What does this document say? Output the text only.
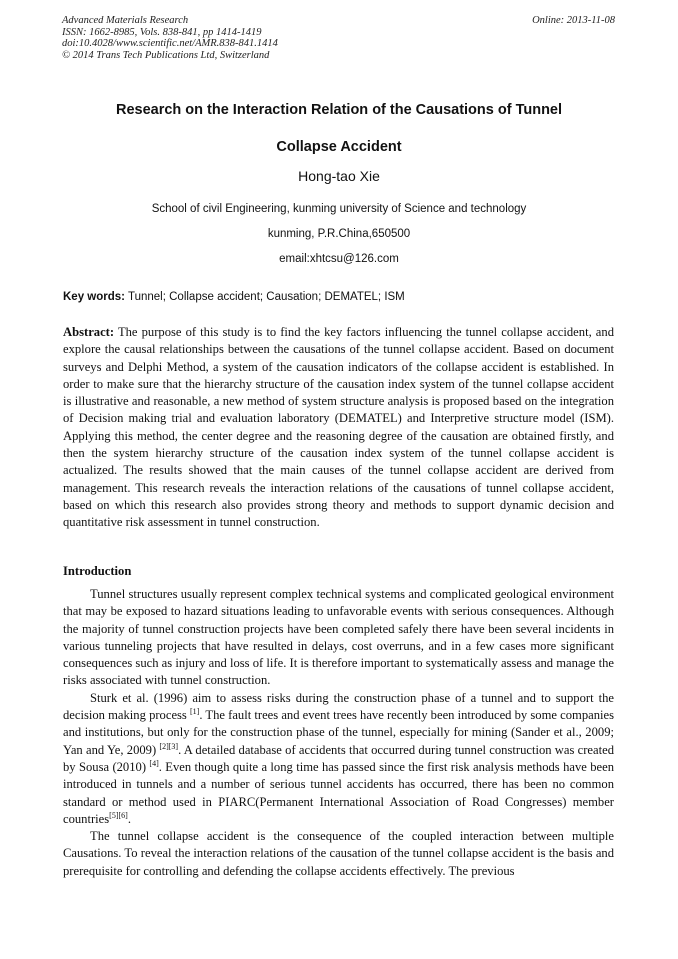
Advanced Materials Research
ISSN: 1662-8985, Vols. 838-841, pp 1414-1419
doi:10.4028/www.scientific.net/AMR.838-841.1414
© 2014 Trans Tech Publications Ltd, Switzerland
Online: 2013-11-08
Research on the Interaction Relation of the Causations of Tunnel
Collapse Accident
Hong-tao Xie
School of civil Engineering, kunming university of Science and technology
kunming, P.R.China,650500
email:xhtcsu@126.com
Key words: Tunnel; Collapse accident; Causation; DEMATEL; ISM
Abstract: The purpose of this study is to find the key factors influencing the tunnel collapse accident, and explore the causal relationships between the causations of the tunnel collapse accident. Based on document surveys and Delphi Method, a system of the causation indicators of the collapse accident is established. In order to make sure that the hierarchy structure of the causation index system of the tunnel collapse accident is illustrative and reasonable, a new method of system structure analysis is proposed based on the integration of Decision making trial and evaluation laboratory (DEMATEL) and Interpretive structure model (ISM). Applying this method, the center degree and the reasoning degree of the causation are obtained firstly, and then the system hierarchy structure of the causation index system of the tunnel collapse accident is actualized. The results showed that the main causes of the tunnel collapse accident are derived from management. This research reveals the interaction relations of the causations of tunnel collapse accident, based on which this research also provides strong theory and methods to support dynamic decision and quantitative risk assessment in tunnel construction.
Introduction

Tunnel structures usually represent complex technical systems and complicated geological environment that may be exposed to hazard situations leading to unfavorable events with serious consequences. Although the majority of tunnel construction projects have been completed safely there have been several incidents in various tunneling projects that have resulted in delays, cost overruns, and in a few cases more significant consequences such as injury and loss of life. It is therefore important to systematically assess and manage the risks associated with tunnel construction.

Sturk et al. (1996) aim to assess risks during the construction phase of a tunnel and to support the decision making process [1]. The fault trees and event trees have recently been introduced by some companies and institutions, but only for the construction phase of the tunnel, especially for mining (Sander et al., 2009; Yan and Ye, 2009) [2][3]. A detailed database of accidents that occurred during tunnel construction was created by Sousa (2010) [4]. Even though quite a long time has passed since the first risk analysis methods have been introduced in tunnels and a number of serious tunnel accidents has occurred, there has been no common standard or method used in PIARC(Permanent International Association of Road Congresses) member countries[5][6].

The tunnel collapse accident is the consequence of the coupled interaction between multiple Causations. To reveal the interaction relations of the causation of the tunnel collapse accident is the basis and prerequisite for controlling and defending the collapse accidents effectively. The previous
